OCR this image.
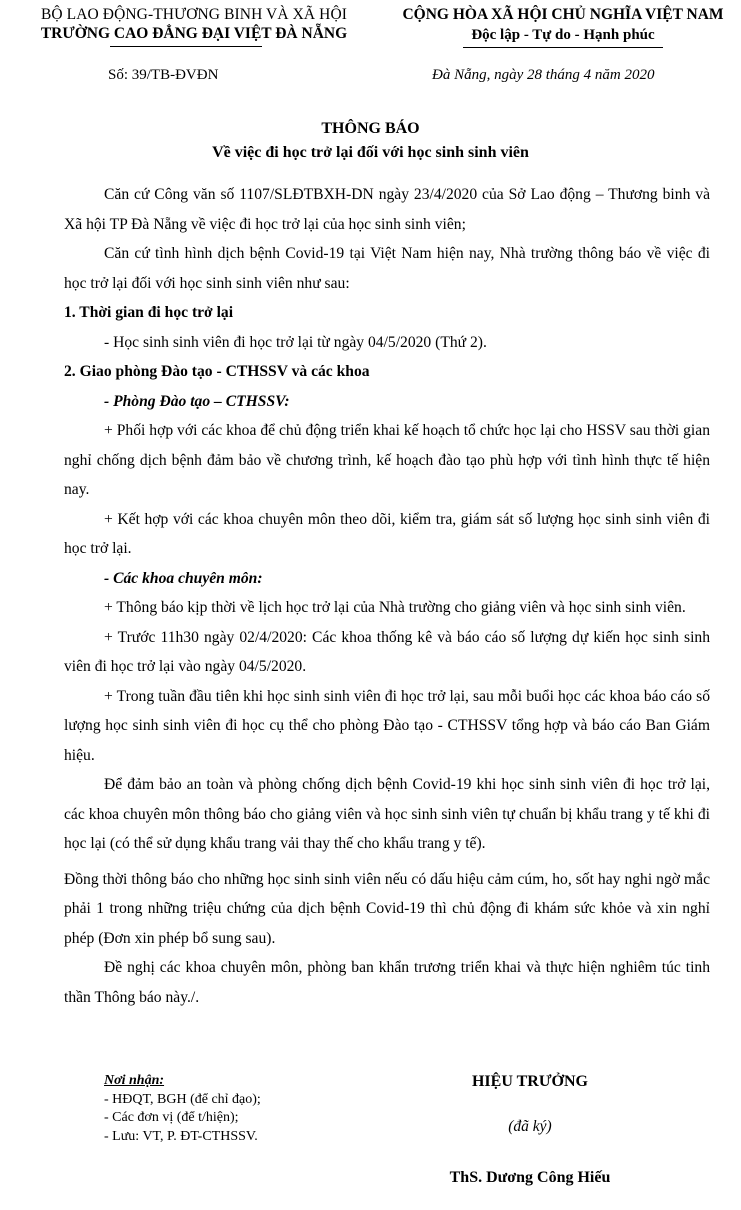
BỘ LAO ĐỘNG-THƯƠNG BINH VÀ XÃ HỘI
TRƯỜNG CAO ĐẲNG ĐẠI VIỆT ĐÀ NẴNG
CỘNG HÒA XÃ HỘI CHỦ NGHĨA VIỆT NAM
Độc lập - Tự do - Hạnh phúc
Số: 39/TB-ĐVĐN	Đà Nẵng, ngày 28 tháng 4 năm 2020
THÔNG BÁO
Về việc đi học trở lại đối với học sinh sinh viên

Căn cứ Công văn số 1107/SLĐTBXH-DN ngày 23/4/2020 của Sở Lao động – Thương binh và Xã hội TP Đà Nẵng về việc đi học trở lại của học sinh sinh viên;

Căn cứ tình hình dịch bệnh Covid-19 tại Việt Nam hiện nay, Nhà trường thông báo về việc đi học trở lại đối với học sinh sinh viên như sau:

1. Thời gian đi học trở lại

- Học sinh sinh viên đi học trở lại từ ngày 04/5/2020 (Thứ 2).

2. Giao phòng Đào tạo - CTHSSV và các khoa

- Phòng Đào tạo – CTHSSV:

+ Phối hợp với các khoa để chủ động triển khai kế hoạch tổ chức học lại cho HSSV sau thời gian nghỉ chống dịch bệnh đảm bảo về chương trình, kế hoạch đào tạo phù hợp với tình hình thực tế hiện nay.

+ Kết hợp với các khoa chuyên môn theo dõi, kiểm tra, giám sát số lượng học sinh sinh viên đi học trở lại.

- Các khoa chuyên môn:

+ Thông báo kịp thời về lịch học trở lại của Nhà trường cho giảng viên và học sinh sinh viên.

+ Trước 11h30 ngày 02/4/2020: Các khoa thống kê và báo cáo số lượng dự kiến học sinh sinh viên đi học trở lại vào ngày 04/5/2020.

+ Trong tuần đầu tiên khi học sinh sinh viên đi học trở lại, sau mỗi buổi học các khoa báo cáo số lượng học sinh sinh viên đi học cụ thể cho phòng Đào tạo - CTHSSV tổng hợp và báo cáo Ban Giám hiệu.

Để đảm bảo an toàn và phòng chống dịch bệnh Covid-19 khi học sinh sinh viên đi học trở lại, các khoa chuyên môn thông báo cho giảng viên và học sinh sinh viên tự chuẩn bị khẩu trang y tế khi đi học lại (có thể sử dụng khẩu trang vải thay thế cho khẩu trang y tế).

Đồng thời thông báo cho những học sinh sinh viên nếu có dấu hiệu cảm cúm, ho, sốt hay nghi ngờ mắc phải 1 trong những triệu chứng của dịch bệnh Covid-19 thì chủ động đi khám sức khỏe và xin nghỉ phép (Đơn xin phép bổ sung sau).

Đề nghị các khoa chuyên môn, phòng ban khẩn trương triển khai và thực hiện nghiêm túc tinh thần Thông báo này./.

Nơi nhận:
- HĐQT, BGH (để chỉ đạo);
- Các đơn vị (để t/hiện);
- Lưu: VT, P. ĐT-CTHSSV.
HIỆU TRƯỞNG
(đã ký)
ThS. Dương Công Hiếu
